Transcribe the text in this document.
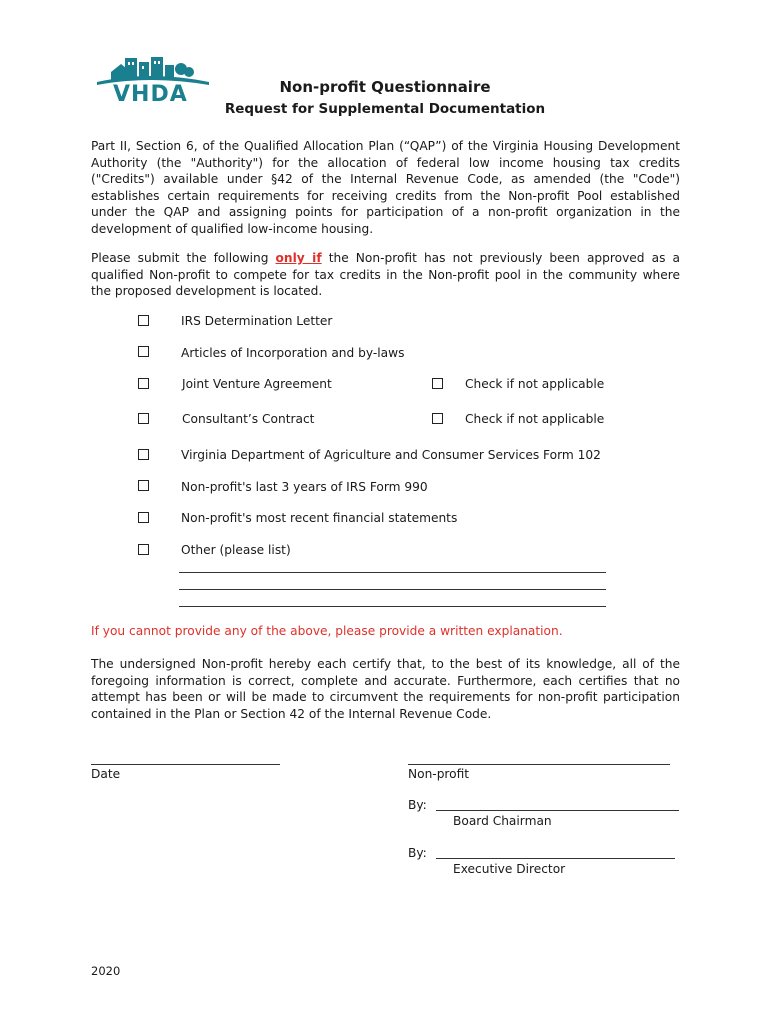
VHDA	Non-profit Questionnaire
Request for Supplemental Documentation

Part II, Section 6, of the Qualified Allocation Plan (“QAP”) of the Virginia Housing Development Authority (the "Authority") for the allocation of federal low income housing tax credits ("Credits") available under §42 of the Internal Revenue Code, as amended (the "Code") establishes certain requirements for receiving credits from the Non-profit Pool established under the QAP and assigning points for participation of a non-profit organization in the development of qualified low-income housing.

Please submit the following only if the Non-profit has not previously been approved as a qualified Non-profit to compete for tax credits in the Non-profit pool in the community where the proposed development is located.

IRS Determination Letter
Articles of Incorporation and by-laws
Joint Venture Agreement	Check if not applicable
Consultant’s Contract	Check if not applicable
Virginia Department of Agriculture and Consumer Services Form 102
Non-profit's last 3 years of IRS Form 990
Non-profit's most recent financial statements
Other (please list)

If you cannot provide any of the above, please provide a written explanation.

The undersigned Non-profit hereby each certify that, to the best of its knowledge, all of the foregoing information is correct, complete and accurate. Furthermore, each certifies that no attempt has been or will be made to circumvent the requirements for non-profit participation contained in the Plan or Section 42 of the Internal Revenue Code.

Date	Non-profit
By:
Board Chairman
By:
Executive Director
2020
